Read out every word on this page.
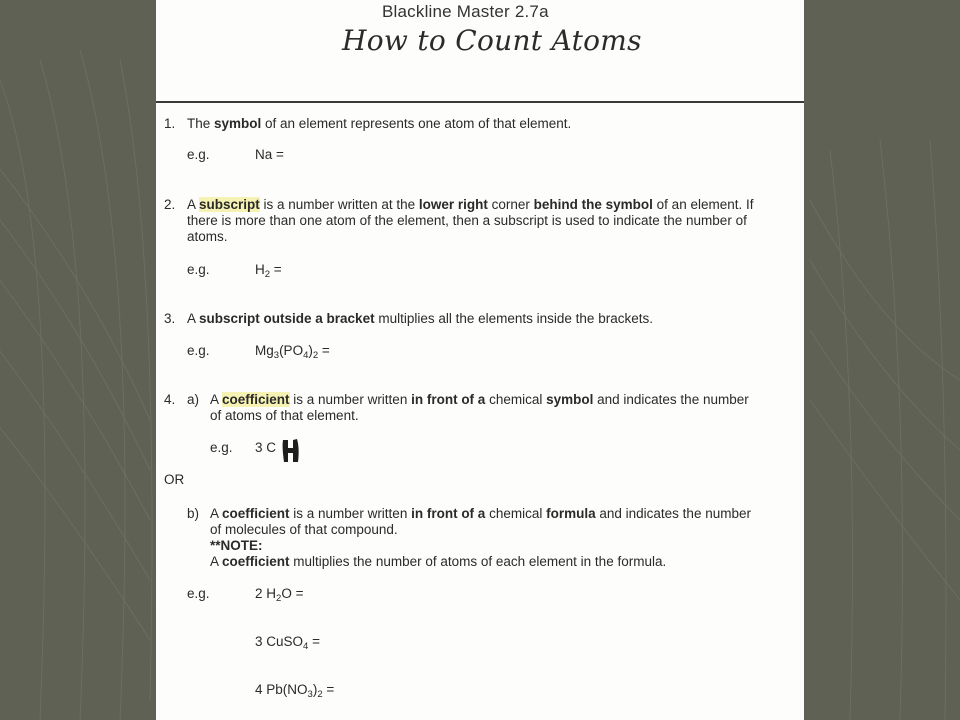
Blackline Master 2.7a
How to Count Atoms
1. The symbol of an element represents one atom of that element.
e.g.	Na =
2. A subscript is a number written at the lower right corner behind the symbol of an element. If
there is more than one atom of the element, then a subscript is used to indicate the number of
atoms.
e.g.	$H_2$ =
3. A subscript outside a bracket multiplies all the elements inside the brackets.
e.g.	$Mg_3(PO_4)_2$ =
4. a) A coefficient is a number written in front of a chemical symbol and indicates the number
of atoms of that element.
e.g. 3 C
OR
b) A coefficient is a number written in front of a chemical formula and indicates the number
of molecules of that compound.
**NOTE:
A coefficient multiplies the number of atoms of each element in the formula.
e.g.	2 $H_2O$ =
3 CuSO$_4$ =
4 $Pb(NO_3)_2$ =
